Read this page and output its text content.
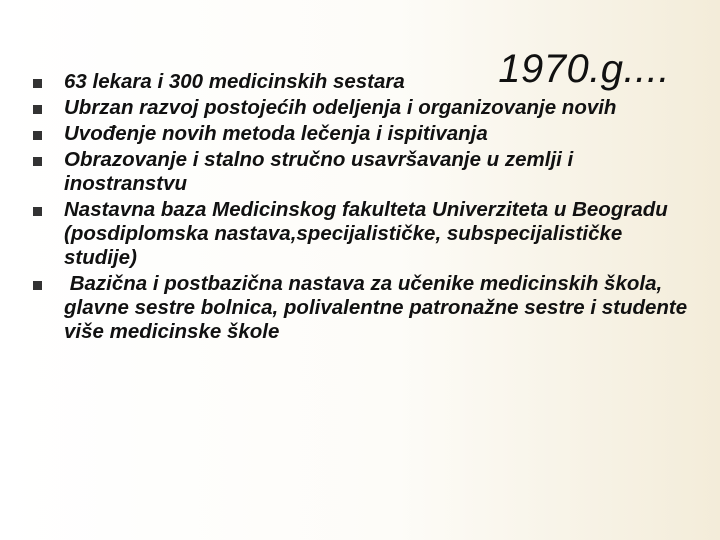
1970.g....
63 lekara i 300 medicinskih sestara
Ubrzan razvoj postojećih odeljenja i organizovanje novih
Uvođenje novih metoda lečenja i ispitivanja
Obrazovanje i stalno stručno usavršavanje u zemlji i inostranstvu
Nastavna baza Medicinskog fakulteta Univerziteta u Beogradu (posdiplomska nastava,specijalističke, subspecijalističke studije)
Bazična i postbazična nastava za učenike medicinskih škola, glavne sestre bolnica, polivalentne patronažne sestre i studente više medicinske škole
